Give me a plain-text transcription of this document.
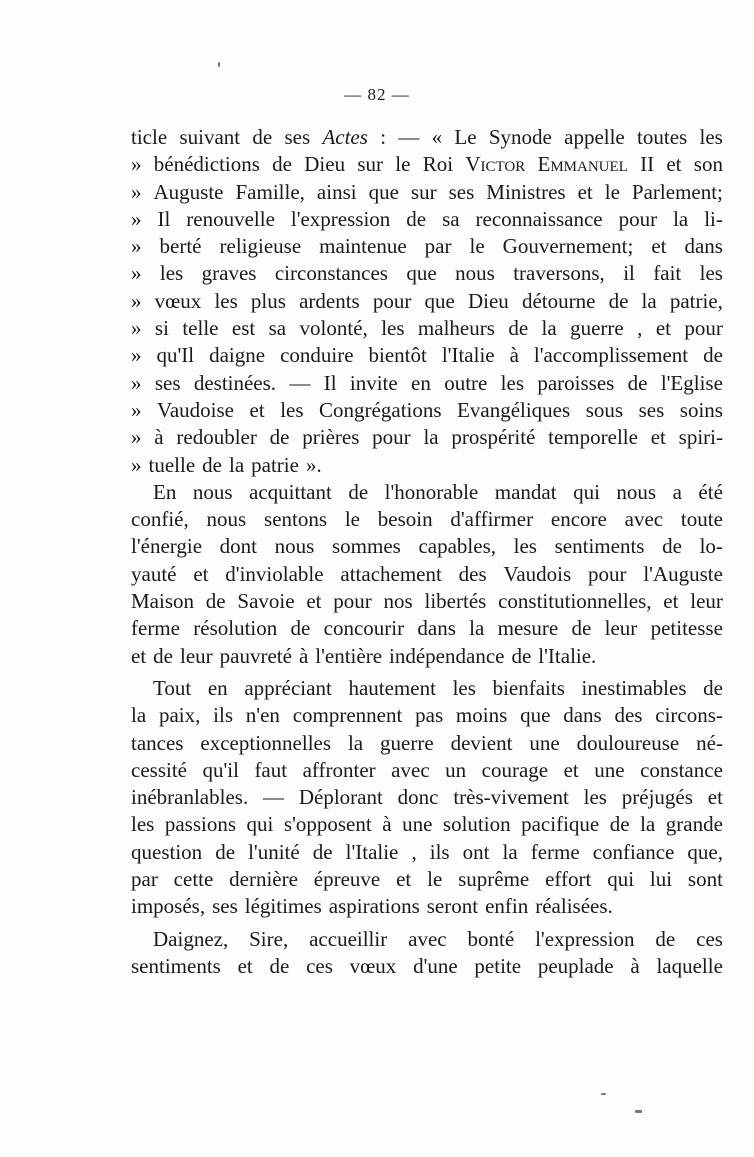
— 82 —
ticle suivant de ses Actes : — « Le Synode appelle toutes les
» bénédictions de Dieu sur le Roi Victor Emmanuel II et son
» Auguste Famille, ainsi que sur ses Ministres et le Parlement;
» Il renouvelle l'expression de sa reconnaissance pour la li-
» berté religieuse maintenue par le Gouvernement; et dans
» les graves circonstances que nous traversons, il fait les
» vœux les plus ardents pour que Dieu détourne de la patrie,
» si telle est sa volonté, les malheurs de la guerre , et pour
» qu'Il daigne conduire bientôt l'Italie à l'accomplissement de
» ses destinées. — Il invite en outre les paroisses de l'Eglise
» Vaudoise et les Congrégations Evangéliques sous ses soins
» à redoubler de prières pour la prospérité temporelle et spiri-
» tuelle de la patrie ».
En nous acquittant de l'honorable mandat qui nous a été
confié, nous sentons le besoin d'affirmer encore avec toute
l'énergie dont nous sommes capables, les sentiments de lo-
yauté et d'inviolable attachement des Vaudois pour l'Auguste
Maison de Savoie et pour nos libertés constitutionnelles, et leur
ferme résolution de concourir dans la mesure de leur petitesse
et de leur pauvreté à l'entière indépendance de l'Italie.
Tout en appréciant hautement les bienfaits inestimables de
la paix, ils n'en comprennent pas moins que dans des circons-
tances exceptionnelles la guerre devient une douloureuse né-
cessité qu'il faut affronter avec un courage et une constance
inébranlables. — Déplorant donc très-vivement les préjugés et
les passions qui s'opposent à une solution pacifique de la grande
question de l'unité de l'Italie , ils ont la ferme confiance que,
par cette dernière épreuve et le suprême effort qui lui sont
imposés, ses légitimes aspirations seront enfin réalisées.
Daignez, Sire, accueillir avec bonté l'expression de ces
sentiments et de ces vœux d'une petite peuplade à laquelle
